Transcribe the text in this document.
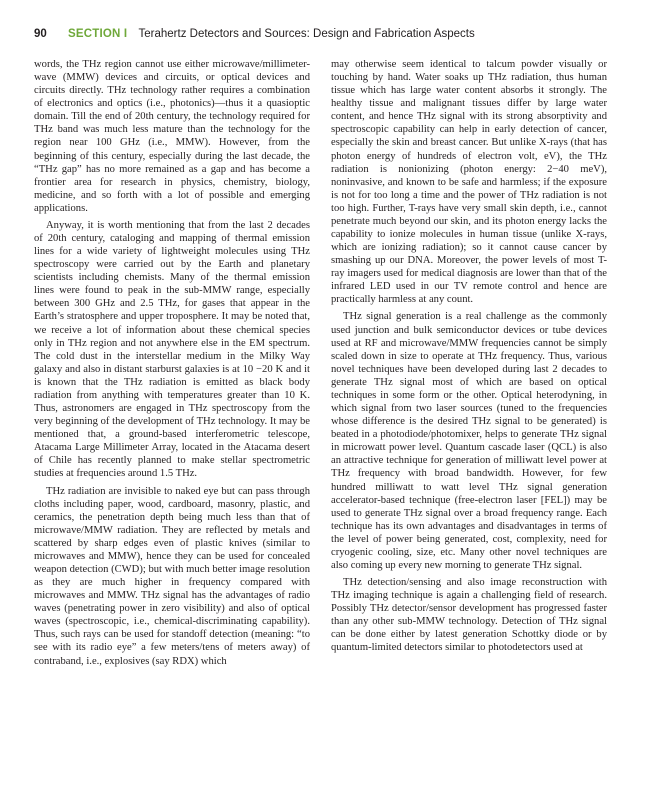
90 SECTION I Terahertz Detectors and Sources: Design and Fabrication Aspects

words, the THz region cannot use either microwave/millimeter-wave (MMW) devices and circuits, or optical devices and circuits directly. THz technology rather requires a combination of electronics and optics (i.e., photonics)—thus it a quasioptic domain. Till the end of 20th century, the technology required for THz band was much less mature than the technology for the region near 100 GHz (i.e., MMW). However, from the beginning of this century, especially during the last decade, the “THz gap” has no more remained as a gap and has become a frontier area for research in physics, chemistry, biology, medicine, and so forth with a lot of possible and emerging applications.

Anyway, it is worth mentioning that from the last 2 decades of 20th century, cataloging and mapping of thermal emission lines for a wide variety of lightweight molecules using THz spectroscopy were carried out by the Earth and planetary scientists including chemists. Many of the thermal emission lines were found to peak in the sub-MMW range, especially between 300 GHz and 2.5 THz, for gases that appear in the Earth’s stratosphere and upper troposphere. It may be noted that, we receive a lot of information about these chemical species only in THz region and not anywhere else in the EM spectrum. The cold dust in the interstellar medium in the Milky Way galaxy and also in distant starburst galaxies is at 10 −20 K and it is known that the THz radiation is emitted as black body radiation from anything with temperatures greater than 10 K. Thus, astronomers are engaged in THz spectroscopy from the very beginning of the development of THz technology. It may be mentioned that, a ground-based interferometric telescope, Atacama Large Millimeter Array, located in the Atacama desert of Chile has recently planned to make stellar spectrometric studies at frequencies around 1.5 THz.

THz radiation are invisible to naked eye but can pass through cloths including paper, wood, cardboard, masonry, plastic, and ceramics, the penetration depth being much less than that of microwave/MMW radiation. They are reflected by metals and scattered by sharp edges even of plastic knives (similar to microwaves and MMW), hence they can be used for concealed weapon detection (CWD); but with much better image resolution as they are much higher in frequency compared with microwaves and MMW. THz signal has the advantages of radio waves (penetrating power in zero visibility) and also of optical waves (spectroscopic, i.e., chemical-discriminating capability). Thus, such rays can be used for standoff detection (meaning: “to see with its radio eye” a few meters/tens of meters away) of contraband, i.e., explosives (say RDX) which

may otherwise seem identical to talcum powder visually or touching by hand. Water soaks up THz radiation, thus human tissue which has large water content absorbs it strongly. The healthy tissue and malignant tissues differ by large water content, and hence THz signal with its strong absorptivity and spectroscopic capability can help in early detection of cancer, especially the skin and breast cancer. But unlike X-rays (that has photon energy of hundreds of electron volt, eV), the THz radiation is nonionizing (photon energy: 2−40 meV), noninvasive, and known to be safe and harmless; if the exposure is not for too long a time and the power of THz radiation is not too high. Further, T-rays have very small skin depth, i.e., cannot penetrate much beyond our skin, and its photon energy lacks the capability to ionize molecules in human tissue (unlike X-rays, which are ionizing radiation); so it cannot cause cancer by smashing up our DNA. Moreover, the power levels of most T-ray imagers used for medical diagnosis are lower than that of the infrared LED used in our TV remote control and hence are practically harmless at any count.

THz signal generation is a real challenge as the commonly used junction and bulk semiconductor devices or tube devices used at RF and microwave/MMW frequencies cannot be simply scaled down in size to operate at THz frequency. Thus, various novel techniques have been developed during last 2 decades to generate THz signal most of which are based on optical techniques in some form or the other. Optical heterodyning, in which signal from two laser sources (tuned to the frequencies whose difference is the desired THz signal to be generated) is beated in a photodiode/photomixer, helps to generate THz signal in microwatt power level. Quantum cascade laser (QCL) is also an attractive technique for generation of milliwatt level power at THz frequency with broad bandwidth. However, for few hundred milliwatt to watt level THz signal generation accelerator-based technique (free-electron laser [FEL]) may be used to generate THz signal over a broad frequency range. Each technique has its own advantages and disadvantages in terms of the level of power being generated, cost, complexity, need for cryogenic cooling, size, etc. Many other novel techniques are also coming up every new morning to generate THz signal.

THz detection/sensing and also image reconstruction with THz imaging technique is again a challenging field of research. Possibly THz detector/sensor development has progressed faster than any other sub-MMW technology. Detection of THz signal can be done either by latest generation Schottky diode or by quantum-limited detectors similar to photodetectors used at
